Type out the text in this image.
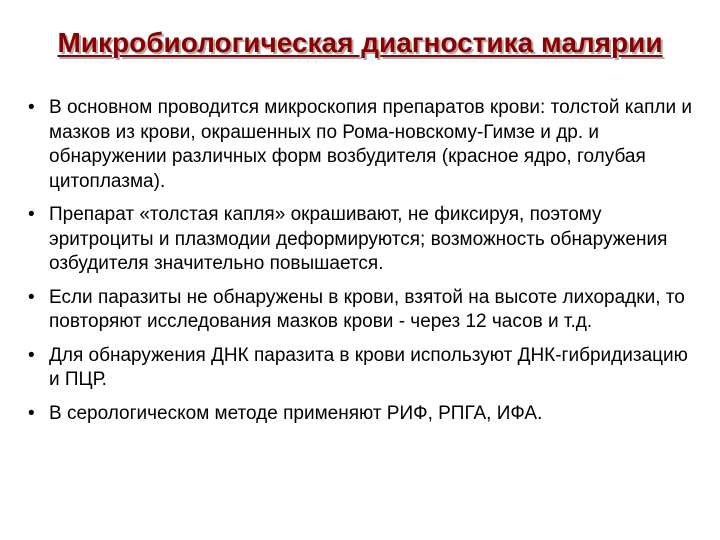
Микробиологическая диагностика малярии
• В основном проводится микроскопия препаратов крови: толстой капли и мазков из крови, окрашенных по Рома-новскому-Гимзе и др. и обнаружении различных форм возбудителя (красное ядро, голубая цитоплазма).
• Препарат «толстая капля» окрашивают, не фиксируя, поэтому эритроциты и плазмодии деформируются; возможность обнаружения озбудителя значительно повышается.
• Если паразиты не обнаружены в крови, взятой на высоте лихорадки, то повторяют исследования мазков крови - через 12 часов и т.д.
• Для обнаружения ДНК паразита в крови используют ДНК-гибридизацию и ПЦР.
• В серологическом методе применяют РИФ, РПГА, ИФА.
